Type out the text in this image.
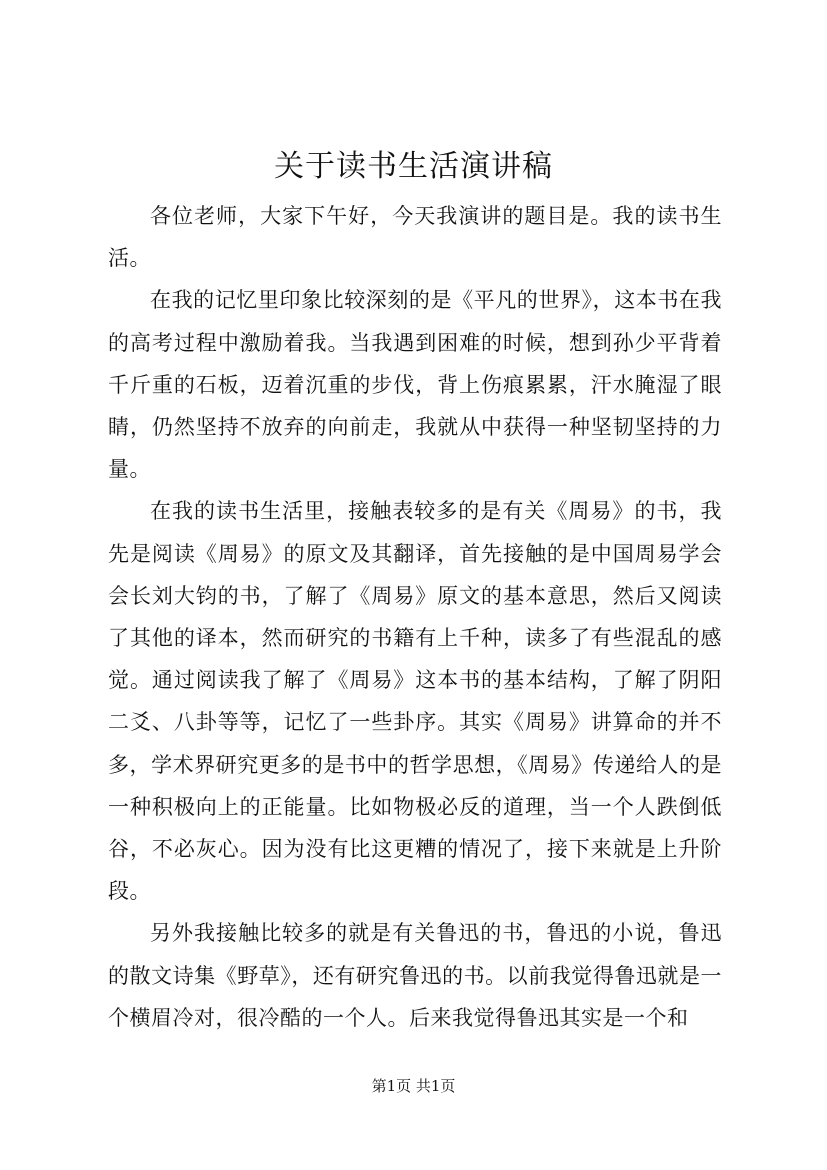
关于读书生活演讲稿

各位老师，大家下午好，今天我演讲的题目是。我的读书生活。

在我的记忆里印象比较深刻的是《平凡的世界》，这本书在我的高考过程中激励着我。当我遇到困难的时候，想到孙少平背着千斤重的石板，迈着沉重的步伐，背上伤痕累累，汗水腌湿了眼睛，仍然坚持不放弃的向前走，我就从中获得一种坚韧坚持的力量。

在我的读书生活里，接触表较多的是有关《周易》的书，我先是阅读《周易》的原文及其翻译，首先接触的是中国周易学会会长刘大钧的书，了解了《周易》原文的基本意思，然后又阅读了其他的译本，然而研究的书籍有上千种，读多了有些混乱的感觉。通过阅读我了解了《周易》这本书的基本结构，了解了阴阳二爻、八卦等等，记忆了一些卦序。其实《周易》讲算命的并不多，学术界研究更多的是书中的哲学思想，《周易》传递给人的是一种积极向上的正能量。比如物极必反的道理，当一个人跌倒低谷，不必灰心。因为没有比这更糟的情况了，接下来就是上升阶段。

另外我接触比较多的就是有关鲁迅的书，鲁迅的小说，鲁迅的散文诗集《野草》，还有研究鲁迅的书。以前我觉得鲁迅就是一个横眉冷对，很冷酷的一个人。后来我觉得鲁迅其实是一个和

第1页 共1页
